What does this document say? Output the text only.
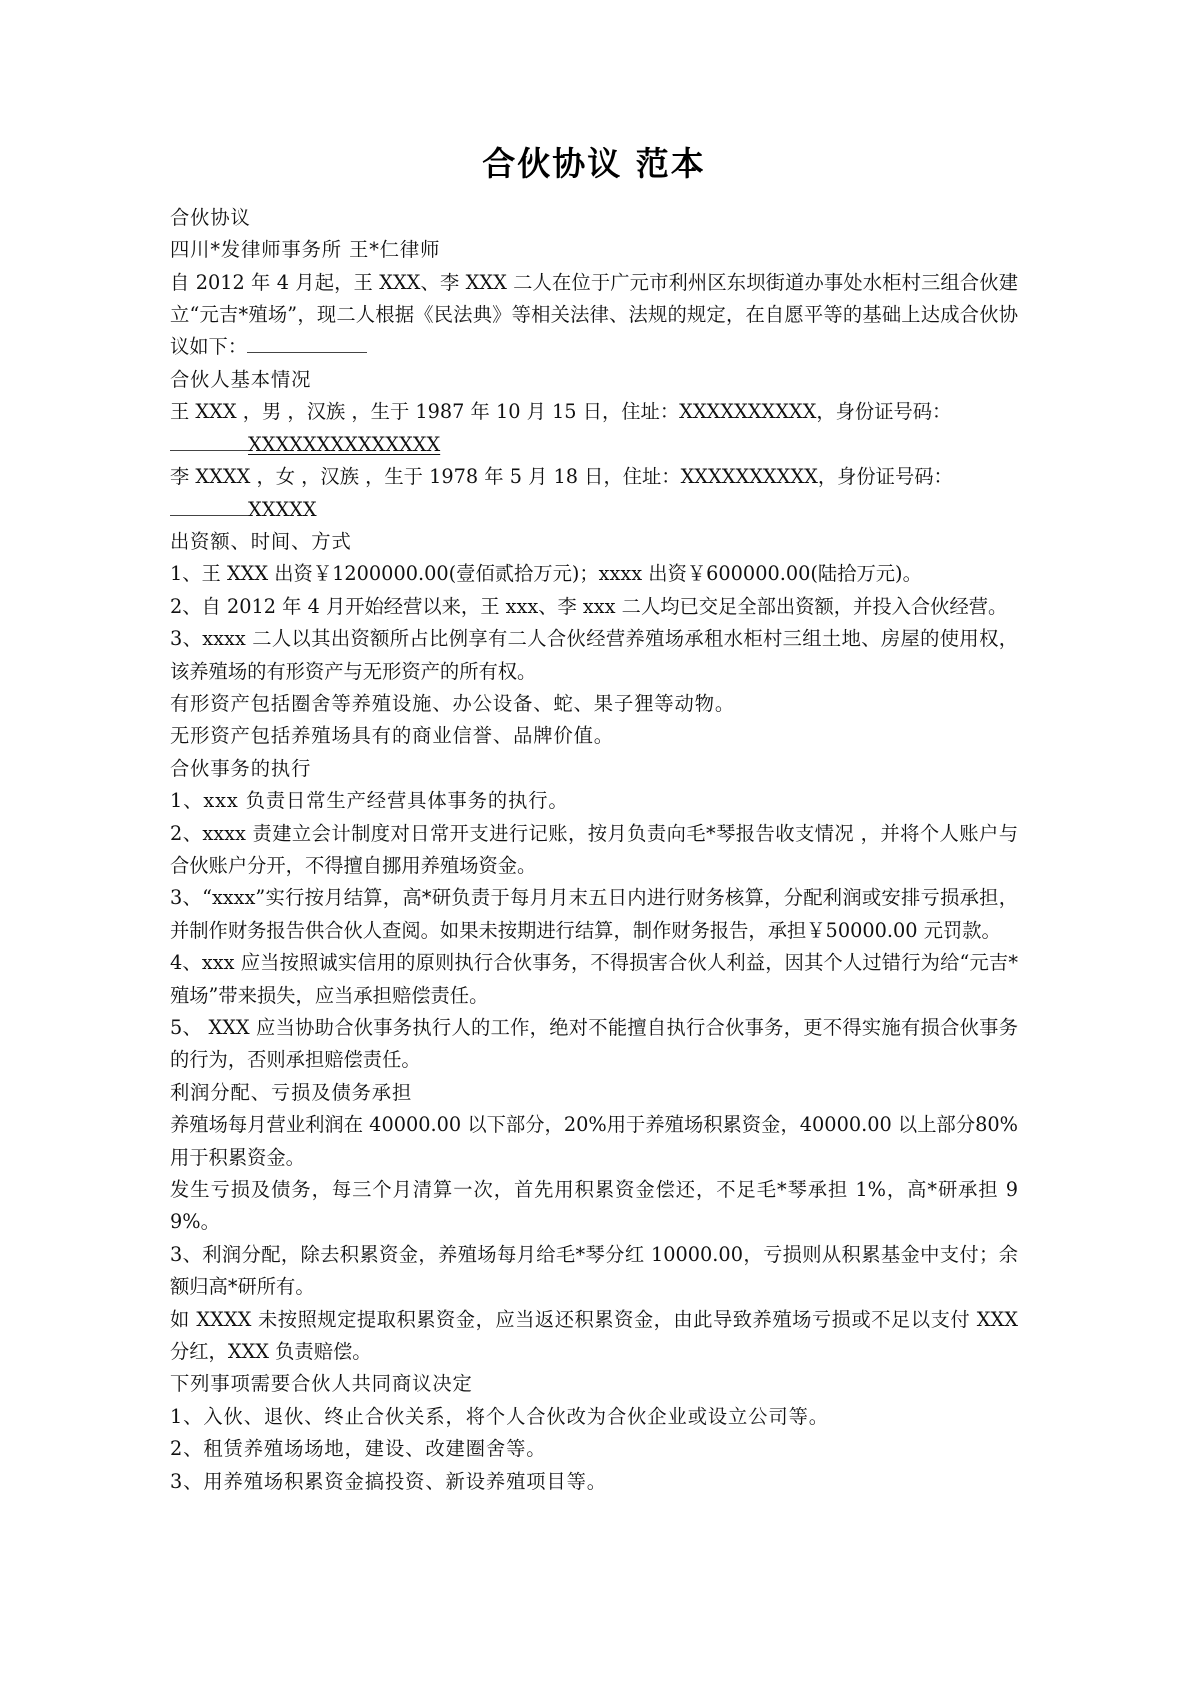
合伙协议 范本

合伙协议

四川*发律师事务所 王*仁律师

自 2012 年 4 月起，王 XXX、李 XXX 二人在位于广元市利州区东坝街道办事处水柜村三组合伙建立“元吉*殖场”，现二人根据《民法典》等相关法律、法规的规定，在自愿平等的基础上达成合伙协议如下：

合伙人基本情况

王 XXX ，男 ，汉族 ，生于 1987 年 10 月 15 日，住址：XXXXXXXXXX，身份证号码：

XXXXXXXXXXXXXX

李 XXXX ，女 ，汉族 ，生于 1978 年 5 月 18 日，住址：XXXXXXXXXX，身份证号码：

XXXXX

出资额、时间、方式

1、王 XXX 出资￥1200000.00(壹佰贰拾万元)；xxxx 出资￥600000.00(陆拾万元)。

2、自 2012 年 4 月开始经营以来，王 xxx、李 xxx 二人均已交足全部出资额，并投入合伙经营。

3、xxxx 二人以其出资额所占比例享有二人合伙经营养殖场承租水柜村三组土地、房屋的使用权，该养殖场的有形资产与无形资产的所有权。

有形资产包括圈舍等养殖设施、办公设备、蛇、果子狸等动物。

无形资产包括养殖场具有的商业信誉、品牌价值。

合伙事务的执行

1、xxx 负责日常生产经营具体事务的执行。

2、xxxx 责建立会计制度对日常开支进行记账，按月负责向毛*琴报告收支情况 ，并将个人账户与合伙账户分开，不得擅自挪用养殖场资金。

3、“xxxx”实行按月结算，高*研负责于每月月末五日内进行财务核算，分配利润或安排亏损承担，并制作财务报告供合伙人查阅。如果未按期进行结算，制作财务报告，承担￥50000.00 元罚款。

4、xxx 应当按照诚实信用的原则执行合伙事务，不得损害合伙人利益，因其个人过错行为给“元吉*殖场”带来损失，应当承担赔偿责任。

5、 XXX 应当协助合伙事务执行人的工作，绝对不能擅自执行合伙事务，更不得实施有损合伙事务的行为，否则承担赔偿责任。

利润分配、亏损及债务承担

养殖场每月营业利润在 40000.00 以下部分，20%用于养殖场积累资金，40000.00 以上部分80%用于积累资金。

发生亏损及债务，每三个月清算一次，首先用积累资金偿还，不足毛*琴承担 1%，高*研承担 99%。

3、利润分配，除去积累资金，养殖场每月给毛*琴分红 10000.00，亏损则从积累基金中支付；余额归高*研所有。

如 XXXX 未按照规定提取积累资金，应当返还积累资金，由此导致养殖场亏损或不足以支付 XXX 分红，XXX 负责赔偿。

下列事项需要合伙人共同商议决定

1、入伙、退伙、终止合伙关系，将个人合伙改为合伙企业或设立公司等。

2、租赁养殖场场地，建设、改建圈舍等。

3、用养殖场积累资金搞投资、新设养殖项目等。
